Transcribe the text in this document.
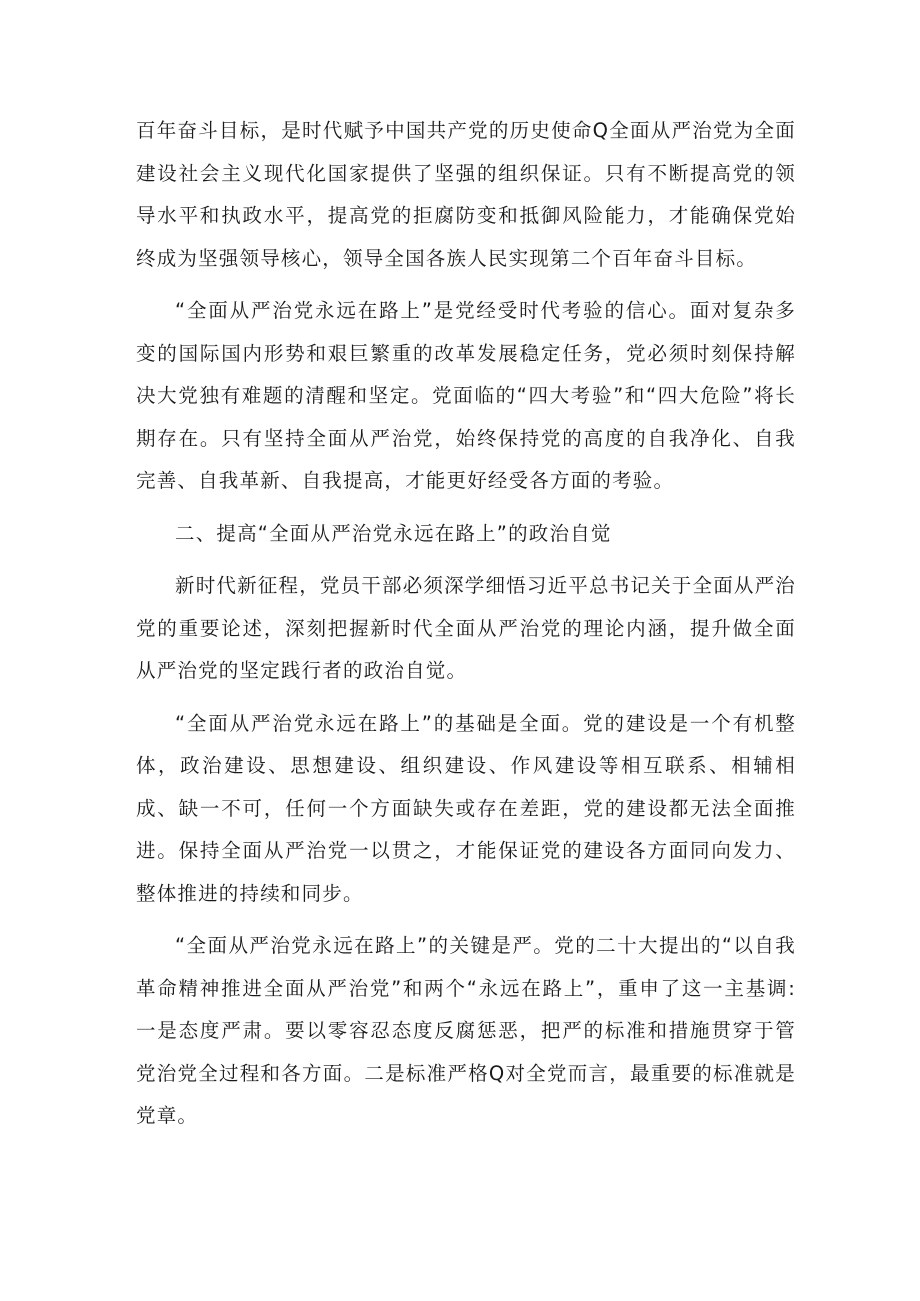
百年奋斗目标，是时代赋予中国共产党的历史使命Q全面从严治党为全面建设社会主义现代化国家提供了坚强的组织保证。只有不断提高党的领导水平和执政水平，提高党的拒腐防变和抵御风险能力，才能确保党始终成为坚强领导核心，领导全国各族人民实现第二个百年奋斗目标。

“全面从严治党永远在路上”是党经受时代考验的信心。面对复杂多变的国际国内形势和艰巨繁重的改革发展稳定任务，党必须时刻保持解决大党独有难题的清醒和坚定。党面临的“四大考验”和“四大危险”将长期存在。只有坚持全面从严治党，始终保持党的高度的自我净化、自我完善、自我革新、自我提高，才能更好经受各方面的考验。

二、提高“全面从严治党永远在路上”的政治自觉

新时代新征程，党员干部必须深学细悟习近平总书记关于全面从严治党的重要论述，深刻把握新时代全面从严治党的理论内涵，提升做全面从严治党的坚定践行者的政治自觉。

“全面从严治党永远在路上”的基础是全面。党的建设是一个有机整体，政治建设、思想建设、组织建设、作风建设等相互联系、相辅相成、缺一不可，任何一个方面缺失或存在差距，党的建设都无法全面推进。保持全面从严治党一以贯之，才能保证党的建设各方面同向发力、整体推进的持续和同步。

“全面从严治党永远在路上”的关键是严。党的二十大提出的“以自我革命精神推进全面从严治党”和两个“永远在路上”，重申了这一主基调:一是态度严肃。要以零容忍态度反腐惩恶，把严的标准和措施贯穿于管党治党全过程和各方面。二是标准严格Q对全党而言，最重要的标准就是党章。
